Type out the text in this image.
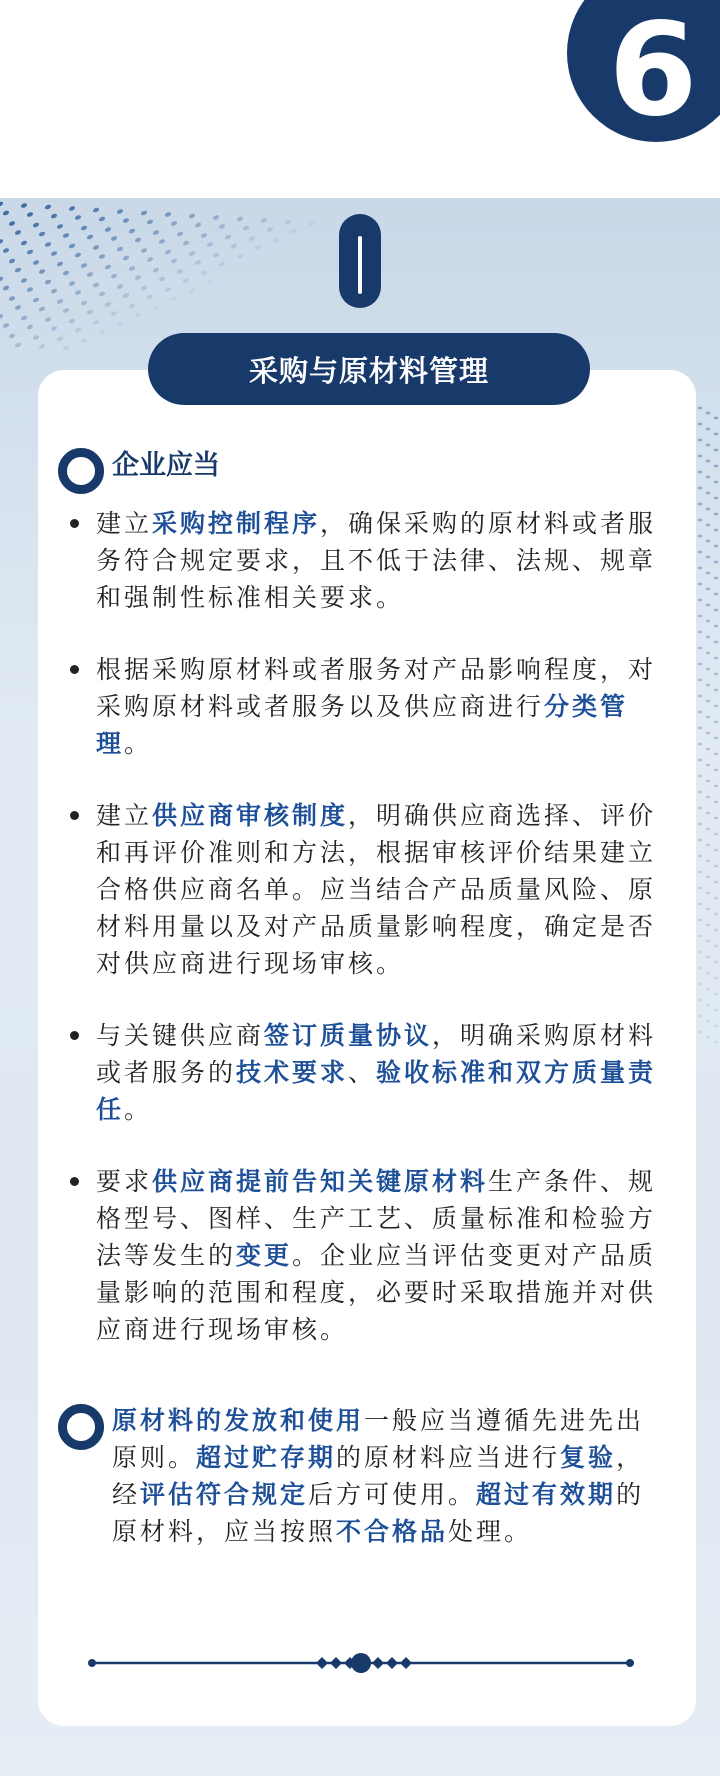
6
采购与原材料管理
企业应当
建立采购控制程序，确保采购的原材料或者服务符合规定要求，且不低于法律、法规、规章和强制性标准相关要求。
根据采购原材料或者服务对产品影响程度，对采购原材料或者服务以及供应商进行分类管理。
建立供应商审核制度，明确供应商选择、评价和再评价准则和方法，根据审核评价结果建立合格供应商名单。应当结合产品质量风险、原材料用量以及对产品质量影响程度，确定是否对供应商进行现场审核。
与关键供应商签订质量协议，明确采购原材料或者服务的技术要求、验收标准和双方质量责任。
要求供应商提前告知关键原材料生产条件、规格型号、图样、生产工艺、质量标准和检验方法等发生的变更。企业应当评估变更对产品质量影响的范围和程度，必要时采取措施并对供应商进行现场审核。

原材料的发放和使用一般应当遵循先进先出原则。超过贮存期的原材料应当进行复验，经评估符合规定后方可使用。超过有效期的原材料，应当按照不合格品处理。
